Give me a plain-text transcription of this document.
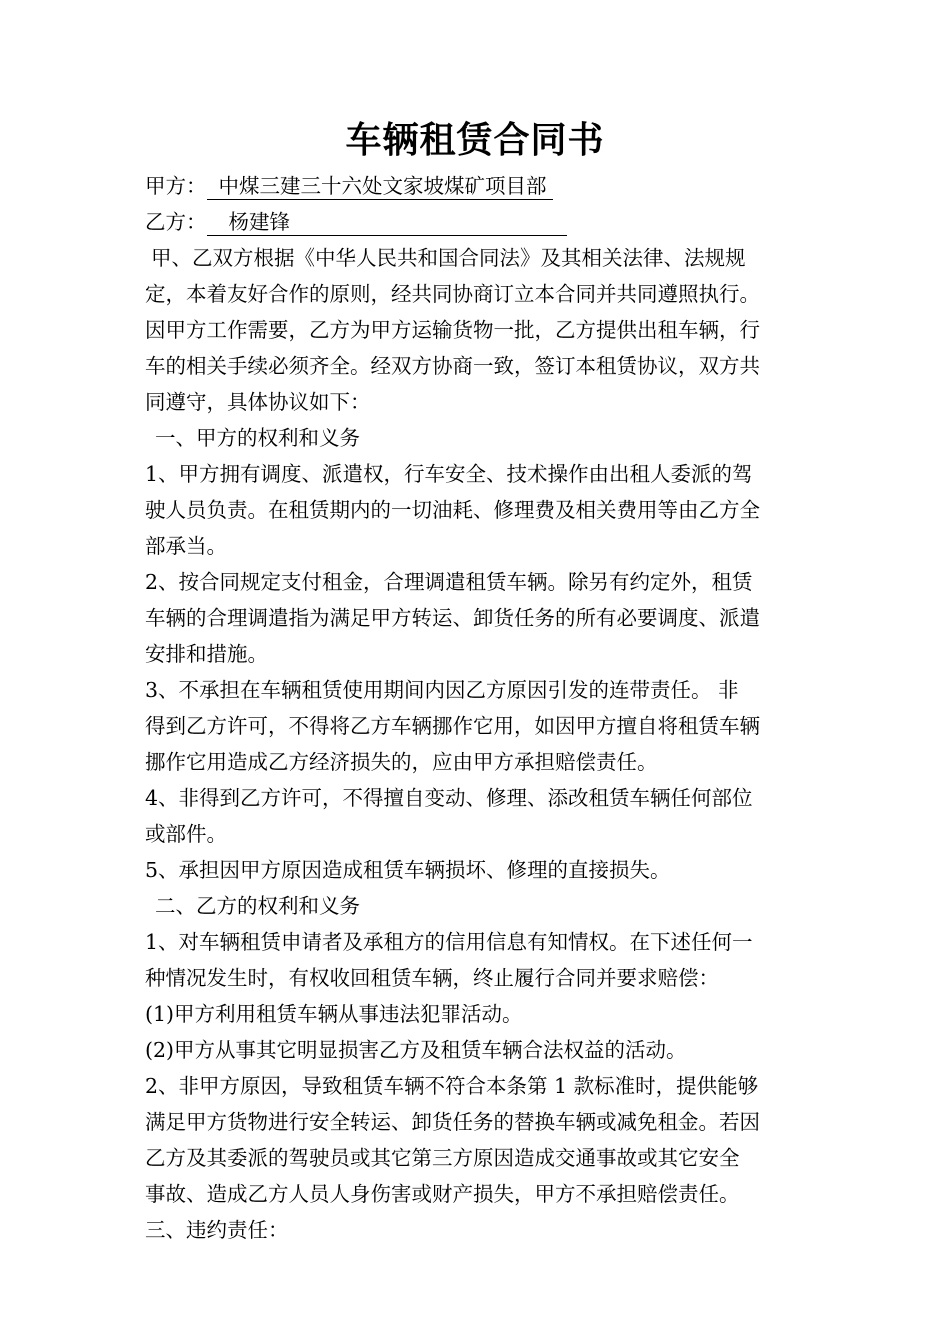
车辆租赁合同书
甲方： 中煤三建三十六处文家坡煤矿项目部
乙方： 杨建锋
甲、乙双方根据《中华人民共和国合同法》及其相关法律、法规规
定，本着友好合作的原则，经共同协商订立本合同并共同遵照执行。
因甲方工作需要，乙方为甲方运输货物一批，乙方提供出租车辆，行
车的相关手续必须齐全。经双方协商一致，签订本租赁协议，双方共
同遵守，具体协议如下：
一、甲方的权利和义务
1、甲方拥有调度、派遣权，行车安全、技术操作由出租人委派的驾
驶人员负责。在租赁期内的一切油耗、修理费及相关费用等由乙方全
部承当。
2、按合同规定支付租金，合理调遣租赁车辆。除另有约定外，租赁
车辆的合理调遣指为满足甲方转运、卸货任务的所有必要调度、派遣
安排和措施。
3、不承担在车辆租赁使用期间内因乙方原因引发的连带责任。 非
得到乙方许可，不得将乙方车辆挪作它用，如因甲方擅自将租赁车辆
挪作它用造成乙方经济损失的，应由甲方承担赔偿责任。
4、非得到乙方许可，不得擅自变动、修理、添改租赁车辆任何部位
或部件。
5、承担因甲方原因造成租赁车辆损坏、修理的直接损失。
二、乙方的权利和义务
1、对车辆租赁申请者及承租方的信用信息有知情权。在下述任何一
种情况发生时，有权收回租赁车辆，终止履行合同并要求赔偿：
(1)甲方利用租赁车辆从事违法犯罪活动。
(2)甲方从事其它明显损害乙方及租赁车辆合法权益的活动。
2、非甲方原因，导致租赁车辆不符合本条第 1 款标准时，提供能够
满足甲方货物进行安全转运、卸货任务的替换车辆或减免租金。若因
乙方及其委派的驾驶员或其它第三方原因造成交通事故或其它安全
事故、造成乙方人员人身伤害或财产损失，甲方不承担赔偿责任。
三、违约责任：
